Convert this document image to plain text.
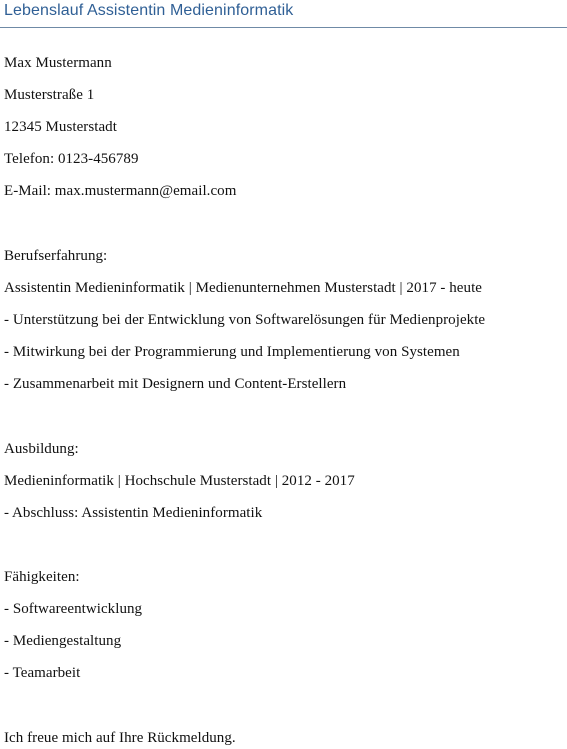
Lebenslauf Assistentin Medieninformatik
Max Mustermann
Musterstraße 1
12345 Musterstadt
Telefon: 0123-456789
E-Mail: max.mustermann@email.com
Berufserfahrung:
Assistentin Medieninformatik | Medienunternehmen Musterstadt | 2017 - heute
- Unterstützung bei der Entwicklung von Softwarelösungen für Medienprojekte
- Mitwirkung bei der Programmierung und Implementierung von Systemen
- Zusammenarbeit mit Designern und Content-Erstellern
Ausbildung:
Medieninformatik | Hochschule Musterstadt | 2012 - 2017
- Abschluss: Assistentin Medieninformatik
Fähigkeiten:
- Softwareentwicklung
- Mediengestaltung
- Teamarbeit
Ich freue mich auf Ihre Rückmeldung.
